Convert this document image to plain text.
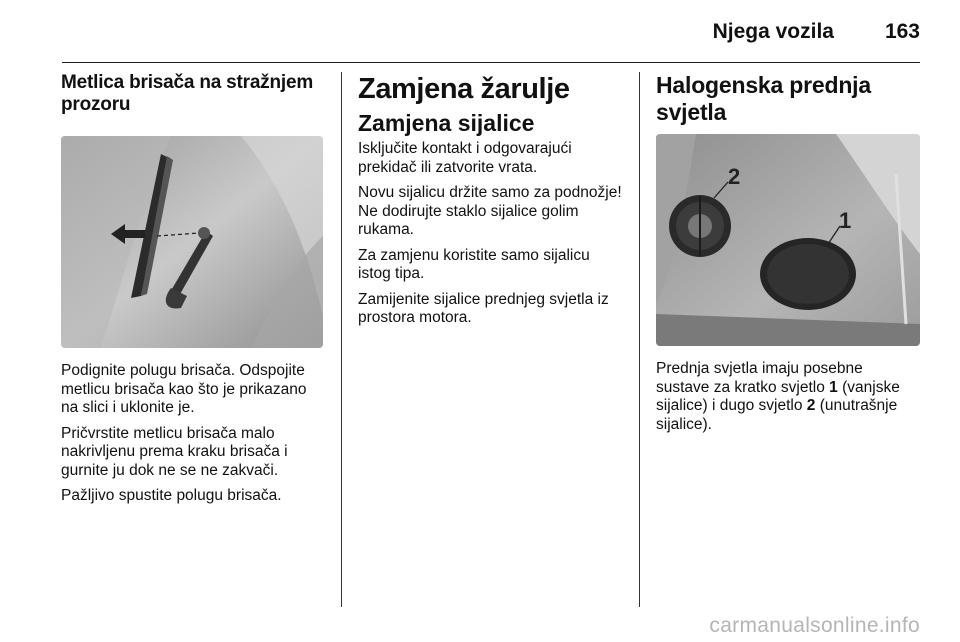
Njega vozila 163
Metlica brisača na stražnjem prozoru

Podignite polugu brisača. Odspojite metlicu brisača kao što je prikazano na slici i uklonite je.

Pričvrstite metlicu brisača malo nakrivljenu prema kraku brisača i gurnite ju dok ne se ne zakvači.

Pažljivo spustite polugu brisača.

Zamjena žarulje
Zamjena sijalice

Isključite kontakt i odgovarajući prekidač ili zatvorite vrata.

Novu sijalicu držite samo za podnožje! Ne dodirujte staklo sijalice golim rukama.

Za zamjenu koristite samo sijalicu istog tipa.

Zamijenite sijalice prednjeg svjetla iz prostora motora.

Halogenska prednja svjetla
2
1

Prednja svjetla imaju posebne sustave za kratko svjetlo 1 (vanjske sijalice) i dugo svjetlo 2 (unutrašnje sijalice).

carmanualsonline.info
